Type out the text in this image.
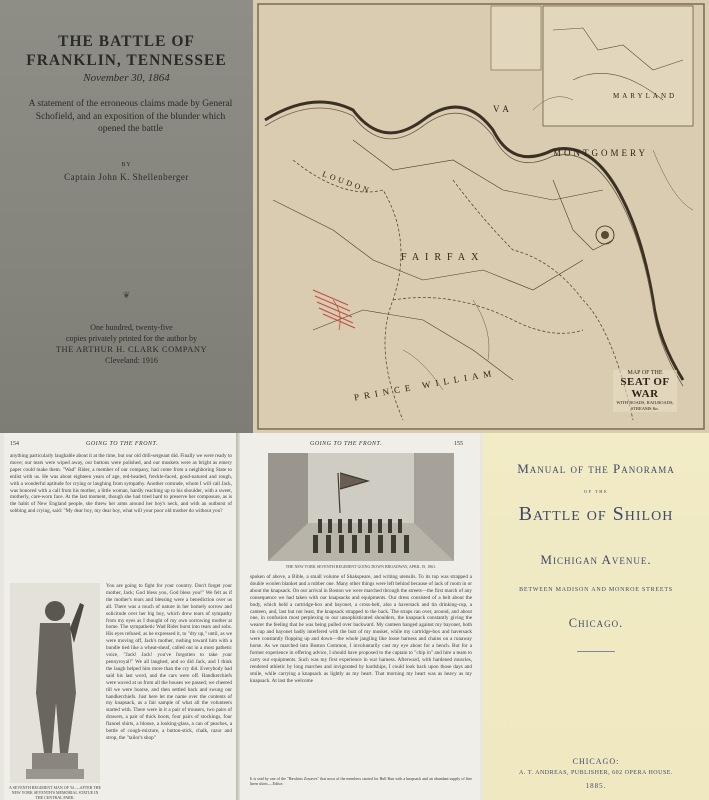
THE BATTLE OF
FRANKLIN, TENNESSEE
November 30, 1864
A statement of the erroneous claims made by General Schofield, and an exposition of the blunder which opened the battle
BY
Captain John K. Shellenberger
❦
One hundred, twenty-five
copies privately printed for the author by
THE ARTHUR H. CLARK COMPANY
Cleveland: 1916
MONTGOMERY
LOUDON
FAIRFAX
PRINCE WILLIAM
MARYLAND
VA
MAP OF THE
SEAT OF WAR
WITH ROADS, RAILROADS, STREAMS &c.
154	GOING TO THE FRONT.
anything particularly laughable about it at the time, but our old drill-sergeant did. Finally we were ready to move; our tears were wiped away, our buttons were polished, and our muskets were as bright as emery paper could make them. "Wad" Rider, a member of our company, had come from a neighboring State to enlist with us. He was about eighteen years of age, red-headed, freckle-faced, good-natured and rough, with a wonderful aptitude for crying or laughing from sympathy. Another comrade, whom I will call Jack, was honored with a call from his mother, a little woman, hardly reaching up to his shoulder, with a sweet, motherly, care-worn face. At the last moment, though she had tried hard to preserve her composure, as is the habit of New England people, she threw her arms around her boy's neck, and with an outburst of sobbing and crying, said: "My dear boy, my dear boy, what will your poor old mother do without you?
A SEVENTH REGIMENT MAN OF '61.—AFTER THE NEW YORK SEVENTH'S MEMORIAL STATUE IN THE CENTRAL PARK.
You are going to fight for your country. Don't forget your mother, Jack; God bless you, God bless you!" We felt as if the mother's tears and blessing were a benediction over us all. There was a touch of nature in her homely sorrow and solicitude over her big boy, which drew tears of sympathy from my eyes as I thought of my own sorrowing mother at home. The sympathetic Wad Rider burst into tears and sobs. His eyes refused, as he expressed it, to "dry up," until, as we were moving off, Jack's mother, rushing toward him with a bundle tied like a wheat-sheaf, called out in a most pathetic voice, "Jack! Jack! you've forgotten to take your pennyroyal!" We all laughed, and so did Jack, and I think the laugh helped him more than the cry did. Everybody had said his last word, and the cars were off. Handkerchiefs were waved at us from all the houses we passed; we cheered till we were hoarse, and then settled back and swung our handkerchiefs. Just here let me name over the contents of my knapsack, as a fair sample of what all the volunteers started with. There were in it a pair of trousers, two pairs of drawers, a pair of thick boots, four pairs of stockings, four flannel shirts, a blouse, a looking-glass, a can of peaches, a bottle of cough-mixture, a button-stick, chalk, razor and strop, the "tailor's shop"
GOING TO THE FRONT.	155
THE NEW YORK SEVENTH REGIMENT GOING DOWN BROADWAY, APRIL 19, 1861.
spoken of above, a Bible, a small volume of Shakspeare, and writing utensils. To its top was strapped a double woolen blanket and a rubber one. Many other things were left behind because of lack of room in or about the knapsack. On our arrival in Boston we were marched through the streets—the first march of any consequence we had taken with our knapsacks and equipments. Our dress consisted of a belt about the body, which held a cartridge-box and bayonet, a cross-belt, also a haversack and tin drinking-cup, a canteen, and, last but not least, the knapsack strapped to the back. The straps ran over, around, and about one, in confusion most perplexing to our unsophisticated shoulders, the knapsack constantly giving the wearer the feeling that he was being pulled over backward. My canteen banged against my bayonet, both tin cup and bayonet badly interfered with the butt of my musket, while my cartridge-box and haversack were constantly flopping up and down—the whole jangling like loose harness and chains on a runaway horse. As we marched into Boston Common, I involuntarily cast my eye about for a bench. But for a former experience in offering advice, I should have proposed to the captain to "chip in" and hire a team to carry our equipments. Such was my first experience in war harness. Afterward, with hardened muscles, rendered athletic by long marches and invigorated by hardships, I could look back upon those days and smile, while carrying a knapsack as lightly as my heart. That morning my heart was as heavy as my knapsack. At last the welcome
It is said by one of the "Hawkins Zouaves" that most of the members started for Bull Run with a knapsack and an abundant supply of fine linen shirts.—Editor.
Manual of the Panorama
OF THE
Battle of Shiloh
Michigan Avenue.
BETWEEN MADISON AND MONROE STREETS
Chicago.
CHICAGO:
A. T. ANDREAS, PUBLISHER, 602 OPERA HOUSE.
1885.
